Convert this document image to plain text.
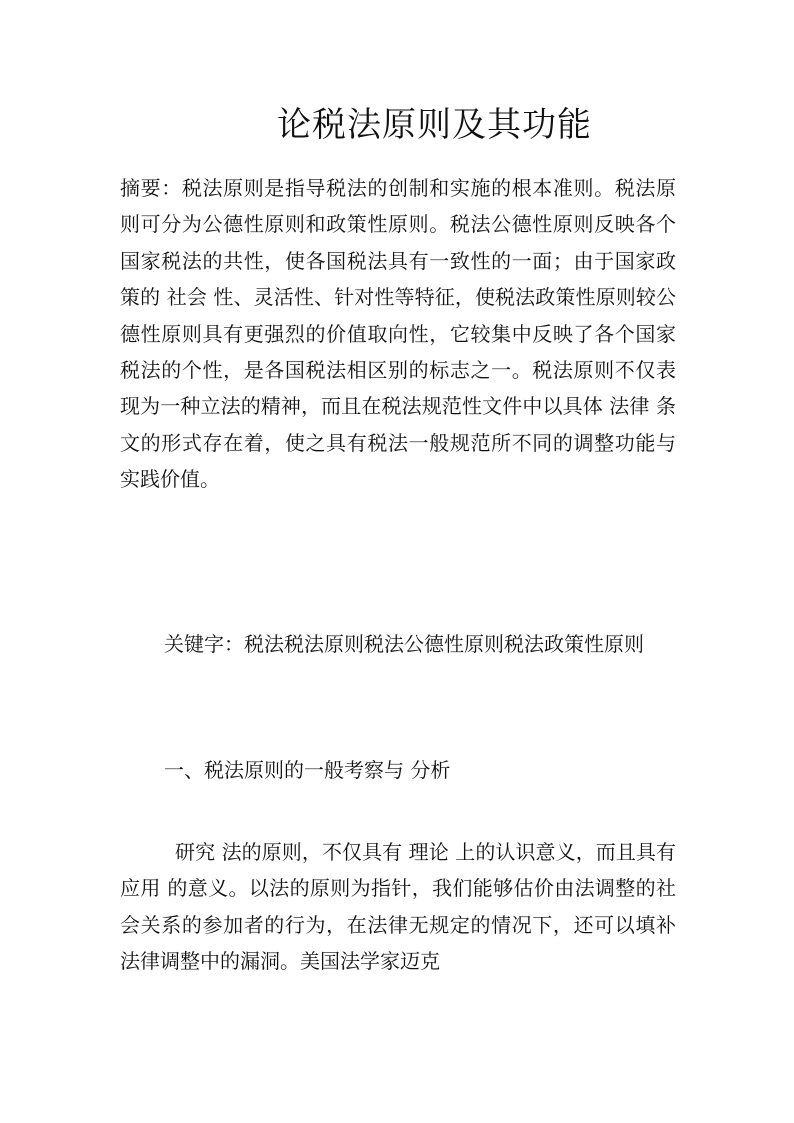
论税法原则及其功能

摘要：税法原则是指导税法的创制和实施的根本准则。税法原则可分为公德性原则和政策性原则。税法公德性原则反映各个国家税法的共性，使各国税法具有一致性的一面；由于国家政策的 社会 性、灵活性、针对性等特征，使税法政策性原则较公德性原则具有更强烈的价值取向性，它较集中反映了各个国家税法的个性，是各国税法相区别的标志之一。税法原则不仅表现为一种立法的精神，而且在税法规范性文件中以具体 法律 条文的形式存在着，使之具有税法一般规范所不同的调整功能与实践价值。

关键字：税法税法原则税法公德性原则税法政策性原则

一、税法原则的一般考察与 分析

研究 法的原则，不仅具有 理论 上的认识意义，而且具有 应用 的意义。以法的原则为指针，我们能够估价由法调整的社会关系的参加者的行为，在法律无规定的情况下，还可以填补法律调整中的漏洞。美国法学家迈克
